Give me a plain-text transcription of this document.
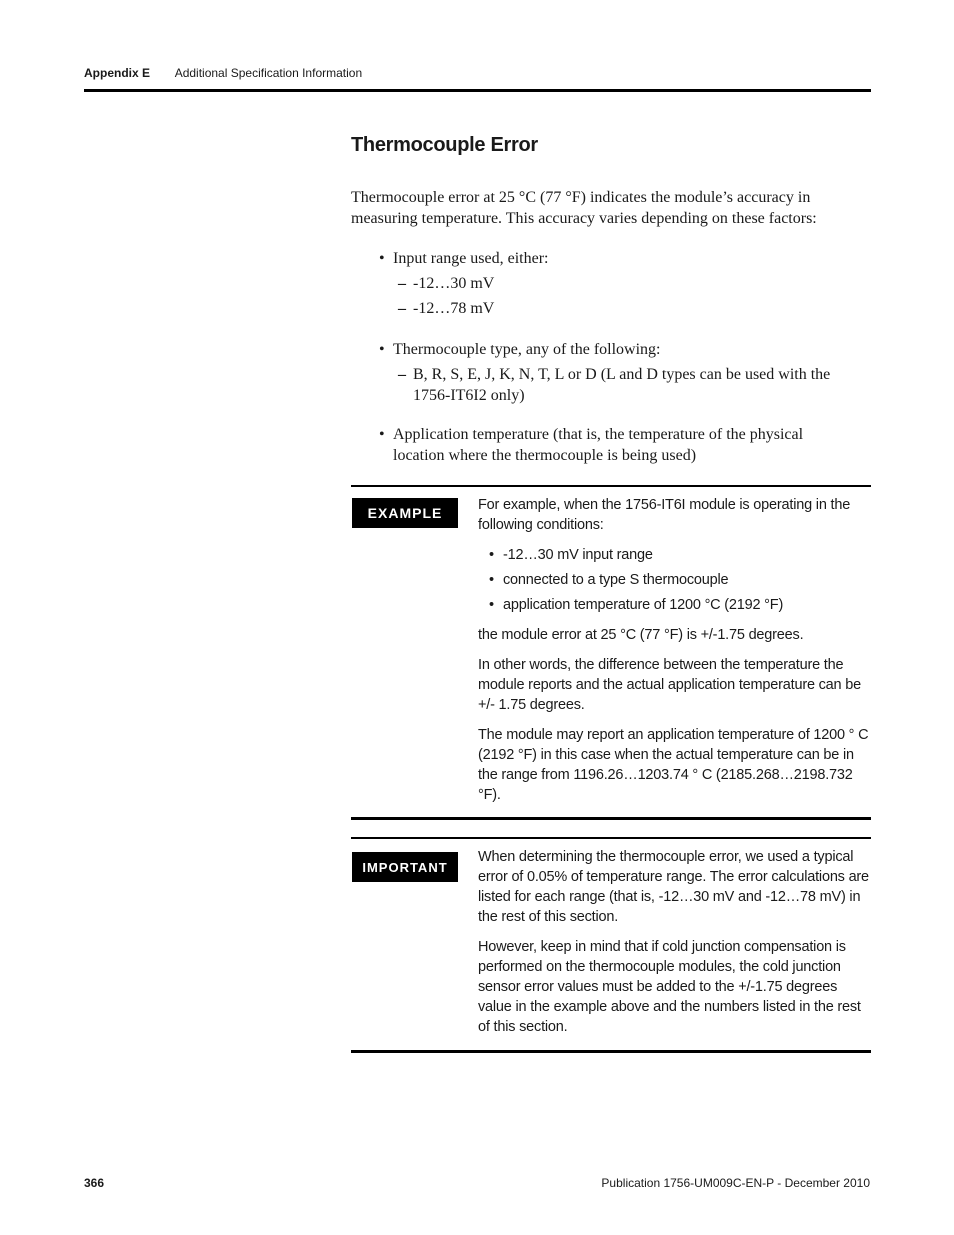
Appendix E Additional Specification Information
Thermocouple Error
Thermocouple error at 25 °C (77 °F) indicates the module’s accuracy in measuring temperature. This accuracy varies depending on these factors:
• Input range used, either:
– -12…30 mV
– -12…78 mV
• Thermocouple type, any of the following:
– B, R, S, E, J, K, N, T, L or D (L and D types can be used with the 1756-IT6I2 only)
• Application temperature (that is, the temperature of the physical location where the thermocouple is being used)
EXAMPLE	For example, when the 1756-IT6I module is operating in the following conditions:

• -12…30 mV input range
• connected to a type S thermocouple
• application temperature of 1200 °C (2192 °F)

the module error at 25 °C (77 °F) is +/-1.75 degrees.

In other words, the difference between the temperature the module reports and the actual application temperature can be +/- 1.75 degrees.

The module may report an application temperature of 1200 ° C (2192 °F) in this case when the actual temperature can be in the range from 1196.26…1203.74 ° C (2185.268…2198.732 °F).

IMPORTANT

When determining the thermocouple error, we used a typical error of 0.05% of temperature range. The error calculations are listed for each range (that is, -12…30 mV and -12…78 mV) in the rest of this section.

However, keep in mind that if cold junction compensation is performed on the thermocouple modules, the cold junction sensor error values must be added to the +/-1.75 degrees value in the example above and the numbers listed in the rest of this section.

366	Publication 1756-UM009C-EN-P - December 2010
